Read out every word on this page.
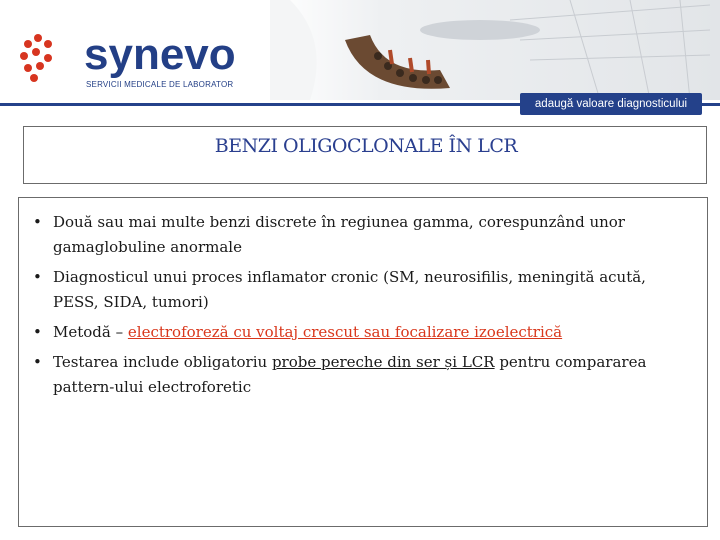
synevo
SERVICII MEDICALE DE LABORATOR
adaugă valoare diagnosticului
BENZI OLIGOCLONALE ÎN LCR
• Două sau mai multe benzi discrete în regiunea gamma, corespunzând unor gamaglobuline anormale
• Diagnosticul unui proces inflamator cronic (SM, neurosifilis, meningită acută, PESS, SIDA, tumori)
• Metodă – electroforeză cu voltaj crescut sau focalizare izoelectrică
• Testarea include obligatoriu probe pereche din ser și LCR pentru compararea pattern-ului electroforetic
